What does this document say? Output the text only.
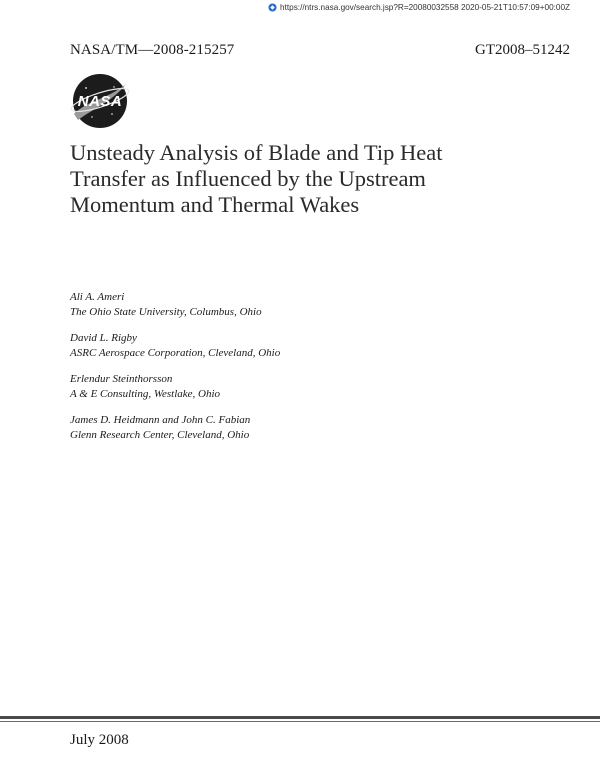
https://ntrs.nasa.gov/search.jsp?R=20080032558 2020-05-21T10:57:09+00:00Z
NASA/TM—2008-215257	GT2008–51242
NASA
Unsteady Analysis of Blade and Tip Heat
Transfer as Influenced by the Upstream
Momentum and Thermal Wakes
Ali A. Ameri
The Ohio State University, Columbus, Ohio
David L. Rigby
ASRC Aerospace Corporation, Cleveland, Ohio
Erlendur Steinthorsson
A & E Consulting, Westlake, Ohio
James D. Heidmann and John C. Fabian
Glenn Research Center, Cleveland, Ohio
July 2008
